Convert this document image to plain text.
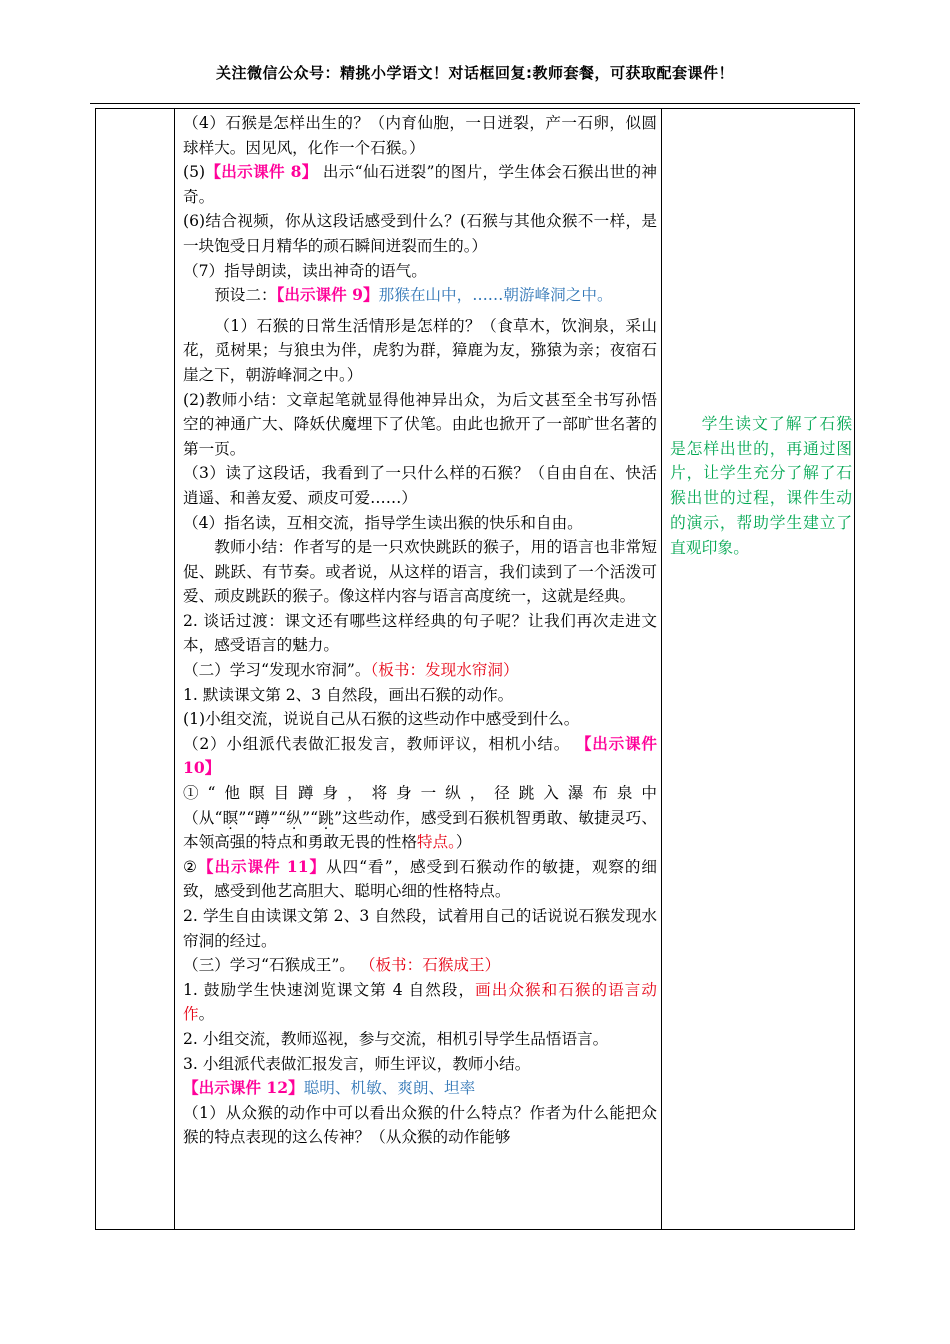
关注微信公众号：精挑小学语文！对话框回复:教师套餐，可获取配套课件！

（4）石猴是怎样出生的？（内育仙胞，一日迸裂，产一石卵，似圆球样大。因见风，化作一个石猴。）

(5)【出示课件 8】 出示“仙石迸裂”的图片，学生体会石猴出世的神奇。

(6)结合视频，你从这段话感受到什么？(石猴与其他众猴不一样，是一块饱受日月精华的顽石瞬间迸裂而生的。）

（7）指导朗读，读出神奇的语气。

预设二：【出示课件 9】那猴在山中，……朝游峰洞之中。

（1）石猴的日常生活情形是怎样的？（食草木，饮涧泉，采山花，觅树果；与狼虫为伴，虎豹为群，獐鹿为友，猕猿为亲；夜宿石崖之下，朝游峰洞之中。）

(2)教师小结：文章起笔就显得他神异出众，为后文甚至全书写孙悟空的神通广大、降妖伏魔埋下了伏笔。由此也掀开了一部旷世名著的第一页。

（3）读了这段话，我看到了一只什么样的石猴？（自由自在、快活逍遥、和善友爱、顽皮可爱……）

（4）指名读，互相交流，指导学生读出猴的快乐和自由。

教师小结：作者写的是一只欢快跳跃的猴子，用的语言也非常短促、跳跃、有节奏。或者说，从这样的语言，我们读到了一个活泼可爱、顽皮跳跃的猴子。像这样内容与语言高度统一，这就是经典。

2. 谈话过渡：课文还有哪些这样经典的句子呢？让我们再次走进文本，感受语言的魅力。

（二）学习“发现水帘洞”。（板书：发现水帘洞）

1. 默读课文第 2、3 自然段，画出石猴的动作。

(1)小组交流，说说自己从石猴的这些动作中感受到什么。

（2）小组派代表做汇报发言，教师评议，相机小结。 【出示课件 10】

①“他瞑目蹲身，将身一纵，径跳入瀑布泉中（从“瞑”“蹲”“纵”“跳”这些动作，感受到石猴机智勇敢、敏捷灵巧、本领高强的特点和勇敢无畏的性格特点。）

②【出示课件 11】从四“看”，感受到石猴动作的敏捷，观察的细致，感受到他艺高胆大、聪明心细的性格特点。

2. 学生自由读课文第 2、3 自然段，试着用自己的话说说石猴发现水帘洞的经过。

（三）学习“石猴成王”。 （板书：石猴成王）

1. 鼓励学生快速浏览课文第 4 自然段，画出众猴和石猴的语言动作。

2. 小组交流，教师巡视，参与交流，相机引导学生品悟语言。

3. 小组派代表做汇报发言，师生评议，教师小结。

【出示课件 12】聪明、机敏、爽朗、坦率

（1）从众猴的动作中可以看出众猴的什么特点？作者为什么能把众猴的特点表现的这么传神？（从众猴的动作能够

学生读文了解了石猴是怎样出世的，再通过图片，让学生充分了解了石猴出世的过程，课件生动的演示，帮助学生建立了直观印象。
